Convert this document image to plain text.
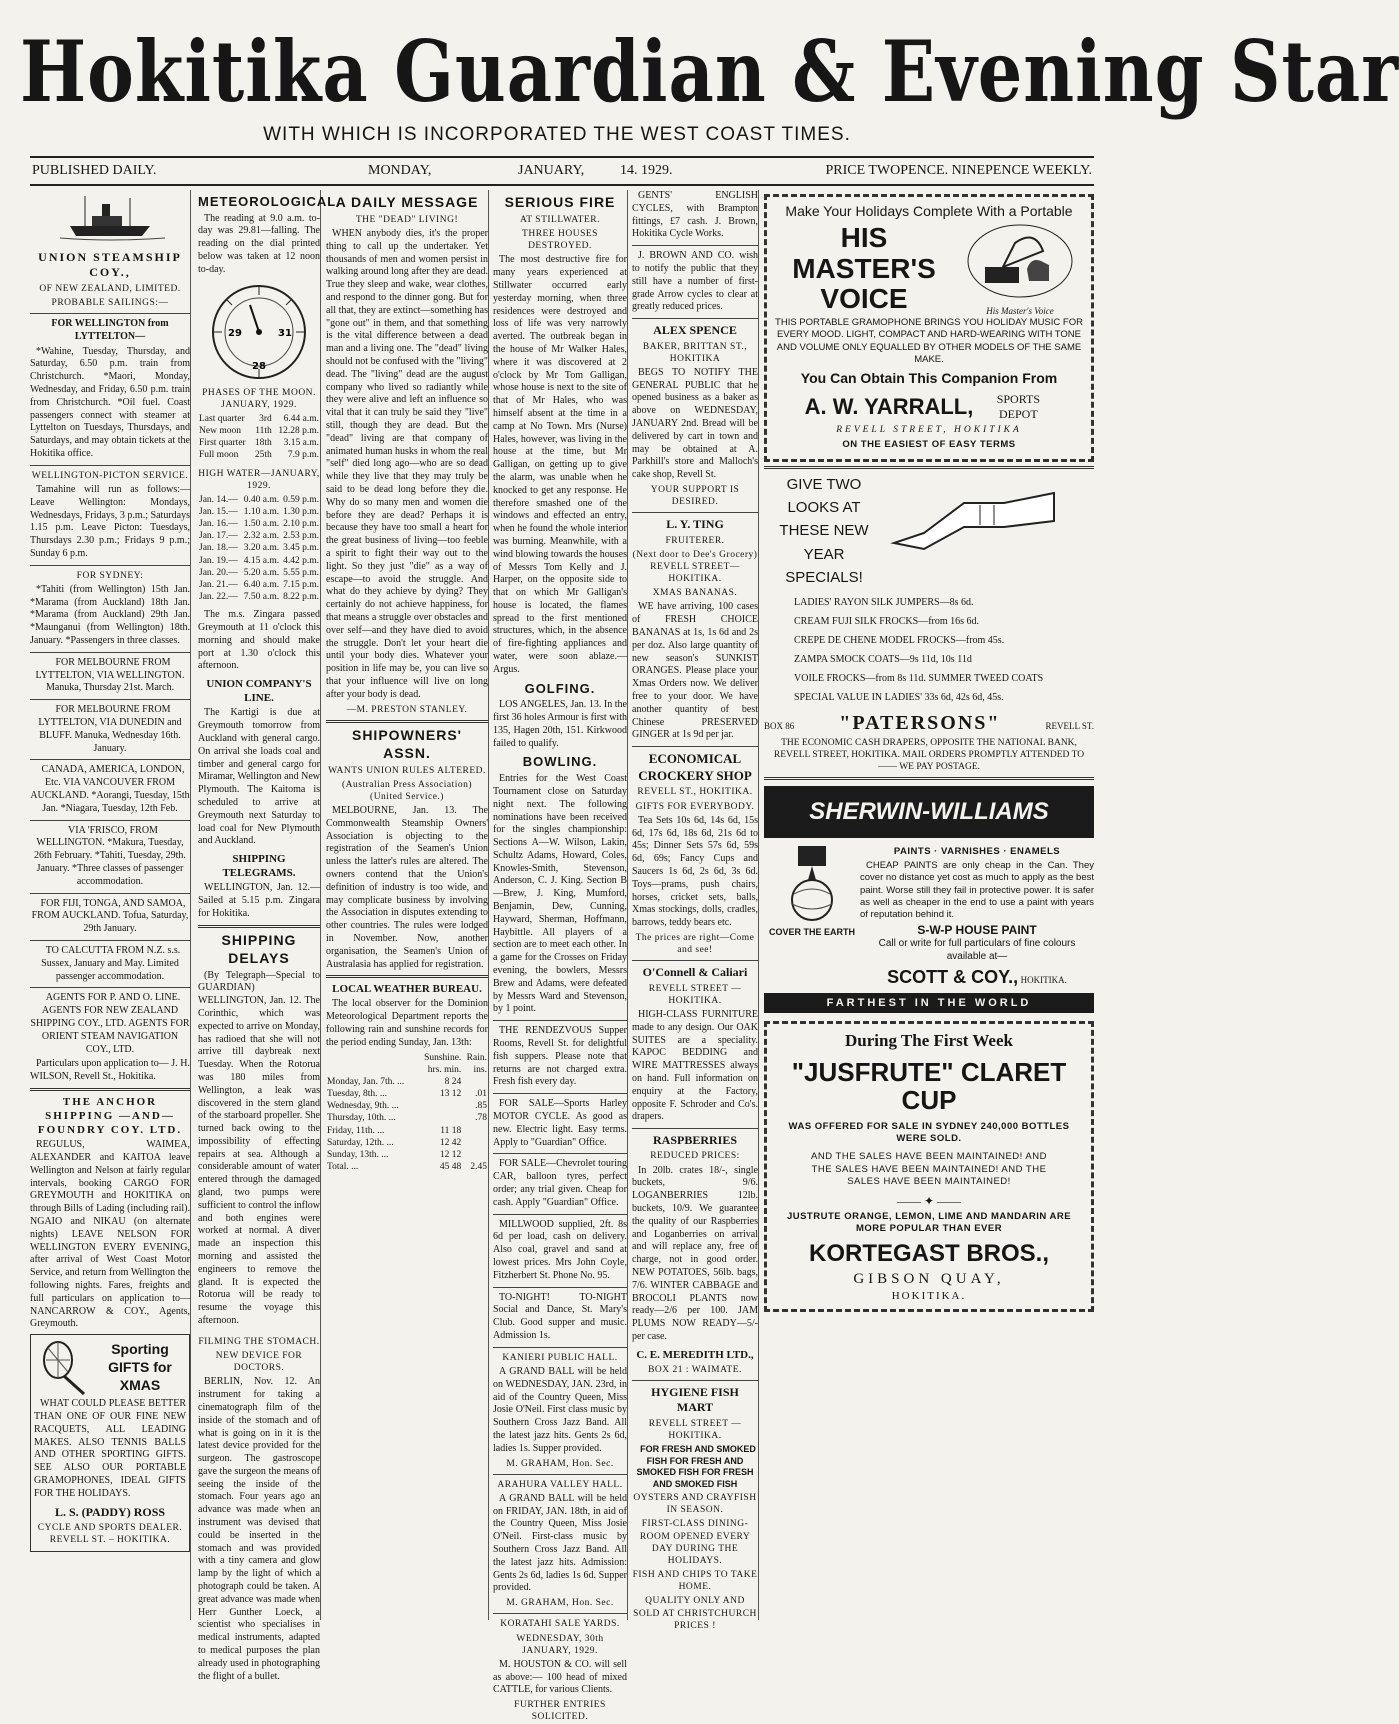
Hokitika Guardian & Evening Star
WITH WHICH IS INCORPORATED THE WEST COAST TIMES.
PUBLISHED DAILY.	MONDAY,	JANUARY,	14. 1929.	PRICE TWOPENCE. NINEPENCE WEEKLY.
UNION STEAMSHIP COY.,
OF NEW ZEALAND, LIMITED.
PROBABLE SAILINGS:—
FOR WELLINGTON from LYTTELTON—
*Wahine, Tuesday, Thursday, and Saturday, 6.50 p.m. train from Christchurch. *Maori, Monday, Wednesday, and Friday, 6.50 p.m. train from Christchurch. *Oil fuel. Coast passengers connect with steamer at Lyttelton on Tuesdays, Thursdays, and Saturdays, and may obtain tickets at the Hokitika office.
WELLINGTON-PICTON SERVICE.
Tamahine will run as follows:— Leave Wellington: Mondays, Wednesdays, Fridays, 3 p.m.; Saturdays 1.15 p.m. Leave Picton: Tuesdays, Thursdays 2.30 p.m.; Fridays 9 p.m.; Sunday 6 p.m.
FOR SYDNEY:
*Tahiti (from Wellington) 15th Jan. *Marama (from Auckland) 18th Jan. *Marama (from Auckland) 29th Jan. *Maunganui (from Wellington) 18th. January. *Passengers in three classes.
FOR MELBOURNE FROM LYTTELTON, VIA WELLINGTON. Manuka, Thursday 21st. March.
FOR MELBOURNE FROM LYTTELTON, VIA DUNEDIN and BLUFF. Manuka, Wednesday 16th. January.
CANADA, AMERICA, LONDON, Etc. VIA VANCOUVER FROM AUCKLAND. *Aorangi, Tuesday, 15th Jan. *Niagara, Tuesday, 12th Feb.
VIA 'FRISCO, FROM WELLINGTON. *Makura, Tuesday, 26th February. *Tahiti, Tuesday, 29th. January. *Three classes of passenger accommodation.
FOR FIJI, TONGA, AND SAMOA, FROM AUCKLAND. Tofua, Saturday, 29th January.
TO CALCUTTA FROM N.Z. s.s. Sussex, January and May. Limited passenger accommodation.
AGENTS FOR P. AND O. LINE. AGENTS FOR NEW ZEALAND SHIPPING COY., LTD. AGENTS FOR ORIENT STEAM NAVIGATION COY., LTD.
Particulars upon application to— J. H. WILSON, Revell St., Hokitika.
THE ANCHOR SHIPPING —AND— FOUNDRY COY. LTD.
REGULUS, WAIMEA, ALEXANDER and KAITOA leave Wellington and Nelson at fairly regular intervals, booking CARGO FOR GREYMOUTH and HOKITIKA on through Bills of Lading (including rail). NGAIO and NIKAU (on alternate nights) LEAVE NELSON FOR WELLINGTON EVERY EVENING, after arrival of West Coast Motor Service, and return from Wellington the following nights. Fares, freights and full particulars on application to— NANCARROW & COY., Agents, Greymouth.
Sporting GIFTS for XMAS
WHAT COULD PLEASE BETTER THAN ONE OF OUR FINE NEW RACQUETS, ALL LEADING MAKES. ALSO TENNIS BALLS AND OTHER SPORTING GIFTS. SEE ALSO OUR PORTABLE GRAMOPHONES, IDEAL GIFTS FOR THE HOLIDAYS.
L. S. (PADDY) ROSS
CYCLE AND SPORTS DEALER. REVELL ST. – HOKITIKA.
METEOROLOGICAL.
The reading at 9.0 a.m. to-day was 29.81—falling. The reading on the dial printed below was taken at 12 noon to-day.
29	31
28
PHASES OF THE MOON. JANUARY, 1929.
Last quarter	3rd	6.44 a.m.
New moon	11th	12.28 p.m.
First quarter	18th	3.15 a.m.
Full moon	25th	7.9 p.m.
HIGH WATER—JANUARY, 1929.
Jan. 14.—	0.40 a.m.	0.59 p.m.
Jan. 15.—	1.10 a.m.	1.30 p.m.
Jan. 16.—	1.50 a.m.	2.10 p.m.
Jan. 17.—	2.32 a.m.	2.53 p.m.
Jan. 18.—	3.20 a.m.	3.45 p.m.
Jan. 19.—	4.15 a.m.	4.42 p.m.
Jan. 20.—	5.20 a.m.	5.55 p.m.
Jan. 21.—	6.40 a.m.	7.15 p.m.
Jan. 22.—	7.50 a.m.	8.22 p.m.
The m.s. Zingara passed Greymouth at 11 o'clock this morning and should make port at 1.30 o'clock this afternoon.
UNION COMPANY'S LINE.
The Kartigi is due at Greymouth tomorrow from Auckland with general cargo. On arrival she loads coal and timber and general cargo for Miramar, Wellington and New Plymouth. The Kaitoma is scheduled to arrive at Greymouth next Saturday to load coal for New Plymouth and Auckland.
SHIPPING TELEGRAMS.
WELLINGTON, Jan. 12.—Sailed at 5.15 p.m. Zingara for Hokitika.
SHIPPING DELAYS
(By Telegraph—Special to GUARDIAN) WELLINGTON, Jan. 12. The Corinthic, which was expected to arrive on Monday, has radioed that she will not arrive till daybreak next Tuesday. When the Rotorua was 180 miles from Wellington, a leak was discovered in the stern gland of the starboard propeller. She turned back owing to the impossibility of effecting repairs at sea. Although a considerable amount of water entered through the damaged gland, two pumps were sufficient to control the inflow and both engines were worked at normal. A diver made an inspection this morning and assisted the engineers to remove the gland. It is expected the Rotorua will be ready to resume the voyage this afternoon.
FILMING THE STOMACH.
NEW DEVICE FOR DOCTORS.
BERLIN, Nov. 12. An instrument for taking a cinematograph film of the inside of the stomach and of what is going on in it is the latest device provided for the surgeon. The gastroscope gave the surgeon the means of seeing the inside of the stomach. Four years ago an advance was made when an instrument was devised that could be inserted in the stomach and was provided with a tiny camera and glow lamp by the light of which a photograph could be taken. A great advance was made when Herr Gunther Loeck, a scientist who specialises in medical instruments, adapted to medical purposes the plan already used in photographing the flight of a bullet.
A DAILY MESSAGE
THE "DEAD" LIVING!
WHEN anybody dies, it's the proper thing to call up the undertaker. Yet thousands of men and women persist in walking around long after they are dead. True they sleep and wake, wear clothes, and respond to the dinner gong. But for all that, they are extinct—something has "gone out" in them, and that something is the vital difference between a dead man and a living one. The "dead" living should not be confused with the "living" dead. The "living" dead are the august company who lived so radiantly while they were alive and left an influence so vital that it can truly be said they "live" still, though they are dead. But the "dead" living are that company of animated human husks in whom the real "self" died long ago—who are so dead while they live that they may truly be said to be dead long before they die. Why do so many men and women die before they are dead? Perhaps it is because they have too small a heart for the great business of living—too feeble a spirit to fight their way out to the light. So they just "die" as a way of escape—to avoid the struggle. And what do they achieve by dying? They certainly do not achieve happiness, for that means a struggle over obstacles and over self—and they have died to avoid the struggle. Don't let your heart die until your body dies. Whatever your position in life may be, you can live so that your influence will live on long after your body is dead.
—M. PRESTON STANLEY.
SHIPOWNERS' ASSN.
WANTS UNION RULES ALTERED.
(Australian Press Association) (United Service.)
MELBOURNE, Jan. 13. The Commonwealth Steamship Owners' Association is objecting to the registration of the Seamen's Union unless the latter's rules are altered. The owners contend that the Union's definition of industry is too wide, and may complicate business by involving the Association in disputes extending to other countries. The rules were lodged in November. Now, another organisation, the Seamen's Union of Australasia has applied for registration.
LOCAL WEATHER BUREAU.
The local observer for the Dominion Meteorological Department reports the following rain and sunshine records for the period ending Sunday, Jan. 13th:
	Sunshine.	Rain.
	hrs. min.	ins.
Monday, Jan. 7th. ...	8 24	
Tuesday, 8th. ...	13 12	.01
Wednesday, 9th. ...		.85
Thursday, 10th. ...		.78
Friday, 11th. ...	11 18	
Saturday, 12th. ...	12 42	
Sunday, 13th. ...	12 12	
Total. ...	45 48	2.45
SERIOUS FIRE
AT STILLWATER.
THREE HOUSES DESTROYED.
The most destructive fire for many years experienced at Stillwater occurred early yesterday morning, when three residences were destroyed and loss of life was very narrowly averted. The outbreak began in the house of Mr Walker Hales, where it was discovered at 2 o'clock by Mr Tom Galligan, whose house is next to the site of that of Mr Hales, who was himself absent at the time in a camp at No Town. Mrs (Nurse) Hales, however, was living in the house at the time, but Mr Galligan, on getting up to give the alarm, was unable when he knocked to get any response. He therefore smashed one of the windows and effected an entry, when he found the whole interior was burning. Meanwhile, with a wind blowing towards the houses of Messrs Tom Kelly and J. Harper, on the opposite side to that on which Mr Galligan's house is located, the flames spread to the first mentioned structures, which, in the absence of fire-fighting appliances and water, were soon ablaze.—Argus.
GOLFING.
LOS ANGELES, Jan. 13. In the first 36 holes Armour is first with 135, Hagen 20th, 151. Kirkwood failed to qualify.
BOWLING.
Entries for the West Coast Tournament close on Saturday night next. The following nominations have been received for the singles championship: Sections A—W. Wilson, Lakin, Schultz Adams, Howard, Coles, Knowles-Smith, Stevenson, Anderson, C. J. King. Section B—Brew, J. King, Mumford, Benjamin, Dew, Cunning, Hayward, Sherman, Hoffmann, Haybittle. All players of a section are to meet each other. In a game for the Crosses on Friday evening, the bowlers, Messrs Brew and Adams, were defeated by Messrs Ward and Stevenson, by 1 point.
THE RENDEZVOUS Supper Rooms, Revell St. for delightful fish suppers. Please note that returns are not charged extra. Fresh fish every day.
FOR SALE—Sports Harley MOTOR CYCLE. As good as new. Electric light. Easy terms. Apply to "Guardian" Office.
FOR SALE—Chevrolet touring CAR, balloon tyres, perfect order; any trial given. Cheap for cash. Apply "Guardian" Office.
MILLWOOD supplied, 2ft. 8s 6d per load, cash on delivery. Also coal, gravel and sand at lowest prices. Mrs John Coyle, Fitzherbert St. Phone No. 95.
TO-NIGHT! TO-NIGHT Social and Dance, St. Mary's Club. Good supper and music. Admission 1s.
KANIERI PUBLIC HALL.
A GRAND BALL will be held on WEDNESDAY, JAN. 23rd, in aid of the Country Queen, Miss Josie O'Neil. First class music by Southern Cross Jazz Band. All the latest jazz hits. Gents 2s 6d, ladies 1s. Supper provided.
M. GRAHAM, Hon. Sec.
ARAHURA VALLEY HALL.
A GRAND BALL will be held on FRIDAY, JAN. 18th, in aid of the Country Queen, Miss Josie O'Neil. First-class music by Southern Cross Jazz Band. All the latest jazz hits. Admission: Gents 2s 6d, ladies 1s 6d. Supper provided.
M. GRAHAM, Hon. Sec.
KORATAHI SALE YARDS.
WEDNESDAY, 30th JANUARY, 1929.
M. HOUSTON & CO. will sell as above:— 100 head of mixed CATTLE, for various Clients.
FURTHER ENTRIES SOLICITED.
GENTS' ENGLISH CYCLES, with Brampton fittings, £7 cash. J. Brown, Hokitika Cycle Works.
J. BROWN AND CO. wish to notify the public that they still have a number of first-grade Arrow cycles to clear at greatly reduced prices.
ALEX SPENCE
BAKER, BRITTAN ST., HOKITIKA
BEGS TO NOTIFY THE GENERAL PUBLIC that he opened business as a baker as above on WEDNESDAY, JANUARY 2nd. Bread will be delivered by cart in town and may be obtained at A. Parkhill's store and Malloch's cake shop, Revell St.
YOUR SUPPORT IS DESIRED.
L. Y. TING
FRUITERER.
(Next door to Dee's Grocery) REVELL STREET—HOKITIKA.
XMAS BANANAS.
WE have arriving, 100 cases of FRESH CHOICE BANANAS at 1s, 1s 6d and 2s per doz. Also large quantity of new season's SUNKIST ORANGES. Please place your Xmas Orders now. We deliver free to your door. We have another quantity of best Chinese PRESERVED GINGER at 1s 9d per jar.
ECONOMICAL CROCKERY SHOP
REVELL ST., HOKITIKA.
GIFTS FOR EVERYBODY.
Tea Sets 10s 6d, 14s 6d, 15s 6d, 17s 6d, 18s 6d, 21s 6d to 45s; Dinner Sets 57s 6d, 59s 6d, 69s; Fancy Cups and Saucers 1s 6d, 2s 6d, 3s 6d. Toys—prams, push chairs, horses, cricket sets, balls, Xmas stockings, dolls, cradles, barrows, teddy bears etc.
The prices are right—Come and see!
O'Connell & Caliari
REVELL STREET — HOKITIKA.
HIGH-CLASS FURNITURE made to any design. Our OAK SUITES are a speciality. KAPOC BEDDING and WIRE MATTRESSES always on hand. Full information on enquiry at the Factory, opposite F. Schroder and Co's. drapers.
RASPBERRIES
REDUCED PRICES:
In 20lb. crates 18/-, single buckets, 9/6. LOGANBERRIES 12lb. buckets, 10/9. We guarantee the quality of our Raspberries and Loganberries on arrival and will replace any, free of charge, not in good order. NEW POTATOES, 56lb. bags, 7/6. WINTER CABBAGE and BROCOLI PLANTS now ready—2/6 per 100. JAM PLUMS NOW READY—5/- per case.
C. E. MEREDITH LTD.,
BOX 21 : WAIMATE.
HYGIENE FISH MART
REVELL STREET — HOKITIKA.
FOR FRESH AND SMOKED FISH FOR FRESH AND SMOKED FISH FOR FRESH AND SMOKED FISH
OYSTERS AND CRAYFISH IN SEASON.
FIRST-CLASS DINING-ROOM OPENED EVERY DAY DURING THE HOLIDAYS.
FISH AND CHIPS TO TAKE HOME.
QUALITY ONLY AND SOLD AT CHRISTCHURCH PRICES !
Make Your Holidays Complete With a Portable
HIS MASTER'S VOICE	His Master's Voice
THIS PORTABLE GRAMOPHONE BRINGS YOU HOLIDAY MUSIC FOR EVERY MOOD. LIGHT, COMPACT AND HARD-WEARING WITH TONE AND VOLUME ONLY EQUALLED BY OTHER MODELS OF THE SAME MAKE.
You Can Obtain This Companion From
A. W. YARRALL,	SPORTS DEPOT
REVELL STREET, HOKITIKA
ON THE EASIEST OF EASY TERMS
GIVE TWO LOOKS AT THESE NEW YEAR SPECIALS!
LADIES' RAYON SILK JUMPERS—8s 6d.
CREAM FUJI SILK FROCKS—from 16s 6d.
CREPE DE CHENE MODEL FROCKS—from 45s.
ZAMPA SMOCK COATS—9s 11d, 10s 11d
VOILE FROCKS—from 8s 11d. SUMMER TWEED COATS
SPECIAL VALUE IN LADIES' 33s 6d, 42s 6d, 45s.
BOX 86 "PATERSONS"	REVELL ST.
THE ECONOMIC CASH DRAPERS, OPPOSITE THE NATIONAL BANK, REVELL STREET, HOKITIKA. MAIL ORDERS PROMPTLY ATTENDED TO —— WE PAY POSTAGE.
SHERWIN-WILLIAMS
COVER THE EARTH
PAINTS · VARNISHES · ENAMELS
CHEAP PAINTS are only cheap in the Can. They cover no distance yet cost as much to apply as the best paint. Worse still they fail in protective power. It is safer as well as cheaper in the end to use a paint with years of reputation behind it.
S-W-P HOUSE PAINT
Call or write for full particulars of fine colours available at—
SCOTT & COY., HOKITIKA.
FARTHEST IN THE WORLD
During The First Week
"JUSFRUTE" CLARET CUP
WAS OFFERED FOR SALE IN SYDNEY 240,000 BOTTLES WERE SOLD.
AND THE SALES HAVE BEEN MAINTAINED! AND THE SALES HAVE BEEN MAINTAINED! AND THE SALES HAVE BEEN MAINTAINED!
—— ✦ ——
JUSTRUTE ORANGE, LEMON, LIME AND MANDARIN ARE MORE POPULAR THAN EVER
KORTEGAST BROS.,
GIBSON QUAY,
HOKITIKA.
